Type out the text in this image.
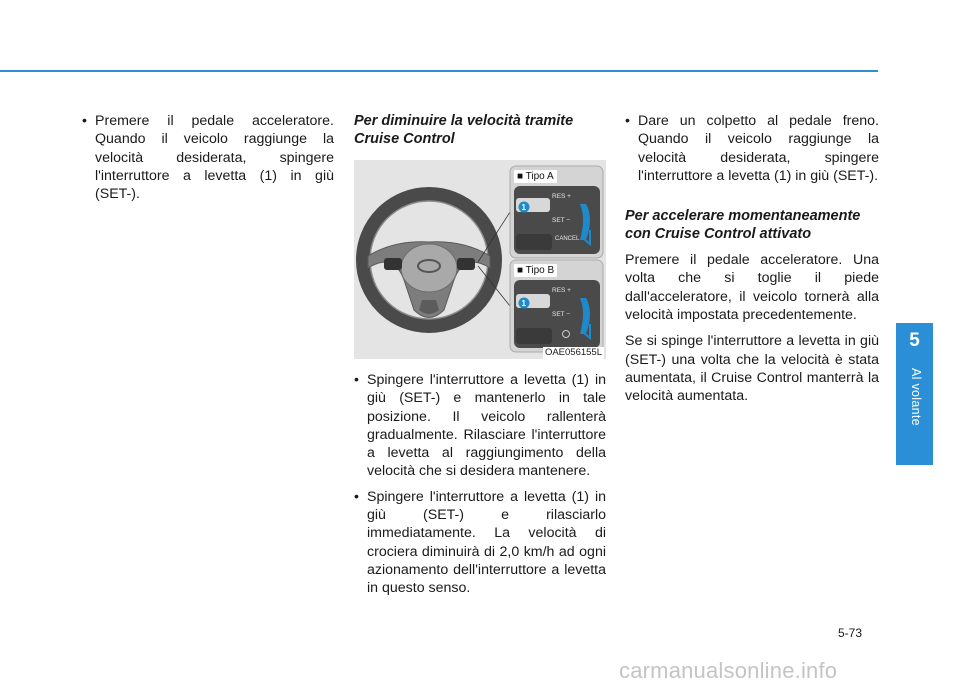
• Premere il pedale acceleratore. Quando il veicolo raggiunge la velocità desiderata, spingere l'interruttore a levetta (1) in giù (SET-).
Per diminuire la velocità tramite Cruise Control
RES +
SET −
CANCEL
1
RES +
SET −
1
■ Tipo A
■ Tipo B
OAE056155L
• Spingere l'interruttore a levetta (1) in giù (SET-) e mantenerlo in tale posizione. Il veicolo rallenterà gradualmente. Rilasciare l'interruttore a levetta al raggiungimento della velocità che si desidera mantenere.
• Spingere l'interruttore a levetta (1) in giù (SET-) e rilasciarlo immediatamente. La velocità di crociera diminuirà di 2,0 km/h ad ogni azionamento dell'interruttore a levetta in questo senso.
• Dare un colpetto al pedale freno. Quando il veicolo raggiunge la velocità desiderata, spingere l'interruttore a levetta (1) in giù (SET-).
Per accelerare momentaneamente con Cruise Control attivato

Premere il pedale acceleratore. Una volta che si toglie il piede dall'acceleratore, il veicolo tornerà alla velocità impostata precedentemente.

Se si spinge l'interruttore a levetta in giù (SET-) una volta che la velocità è stata aumentata, il Cruise Control manterrà la velocità aumentata.

5
Al volante
5-73
carmanualsonline.info
